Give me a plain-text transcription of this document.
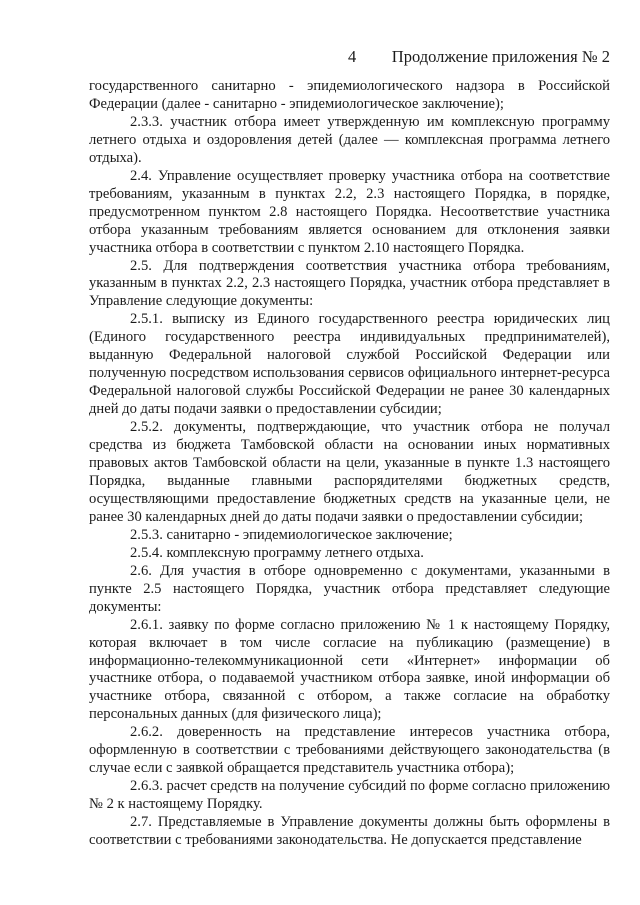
4 Продолжение приложения № 2

государственного санитарно - эпидемиологического надзора в Российской Федерации (далее - санитарно - эпидемиологическое заключение);

2.3.3. участник отбора имеет утвержденную им комплексную программу летнего отдыха и оздоровления детей (далее — комплексная программа летнего отдыха).

2.4. Управление осуществляет проверку участника отбора на соответствие требованиям, указанным в пунктах 2.2, 2.3 настоящего Порядка, в порядке, предусмотренном пунктом 2.8 настоящего Порядка. Несоответствие участника отбора указанным требованиям является основанием для отклонения заявки участника отбора в соответствии с пунктом 2.10 настоящего Порядка.

2.5. Для подтверждения соответствия участника отбора требованиям, указанным в пунктах 2.2, 2.3 настоящего Порядка, участник отбора представляет в Управление следующие документы:

2.5.1. выписку из Единого государственного реестра юридических лиц (Единого государственного реестра индивидуальных предпринимателей), выданную Федеральной налоговой службой Российской Федерации или полученную посредством использования сервисов официального интернет-ресурса Федеральной налоговой службы Российской Федерации не ранее 30 календарных дней до даты подачи заявки о предоставлении субсидии;

2.5.2. документы, подтверждающие, что участник отбора не получал средства из бюджета Тамбовской области на основании иных нормативных правовых актов Тамбовской области на цели, указанные в пункте 1.3 настоящего Порядка, выданные главными распорядителями бюджетных средств, осуществляющими предоставление бюджетных средств на указанные цели, не ранее 30 календарных дней до даты подачи заявки о предоставлении субсидии;

2.5.3. санитарно - эпидемиологическое заключение;

2.5.4. комплексную программу летнего отдыха.

2.6. Для участия в отборе одновременно с документами, указанными в пункте 2.5 настоящего Порядка, участник отбора представляет следующие документы:

2.6.1. заявку по форме согласно приложению № 1 к настоящему Порядку, которая включает в том числе согласие на публикацию (размещение) в информационно-телекоммуникационной сети «Интернет» информации об участнике отбора, о подаваемой участником отбора заявке, иной информации об участнике отбора, связанной с отбором, а также согласие на обработку персональных данных (для физического лица);

2.6.2. доверенность на представление интересов участника отбора, оформленную в соответствии с требованиями действующего законодательства (в случае если с заявкой обращается представитель участника отбора);

2.6.3. расчет средств на получение субсидий по форме согласно приложению № 2 к настоящему Порядку.

2.7. Представляемые в Управление документы должны быть оформлены в соответствии с требованиями законодательства. Не допускается представление
